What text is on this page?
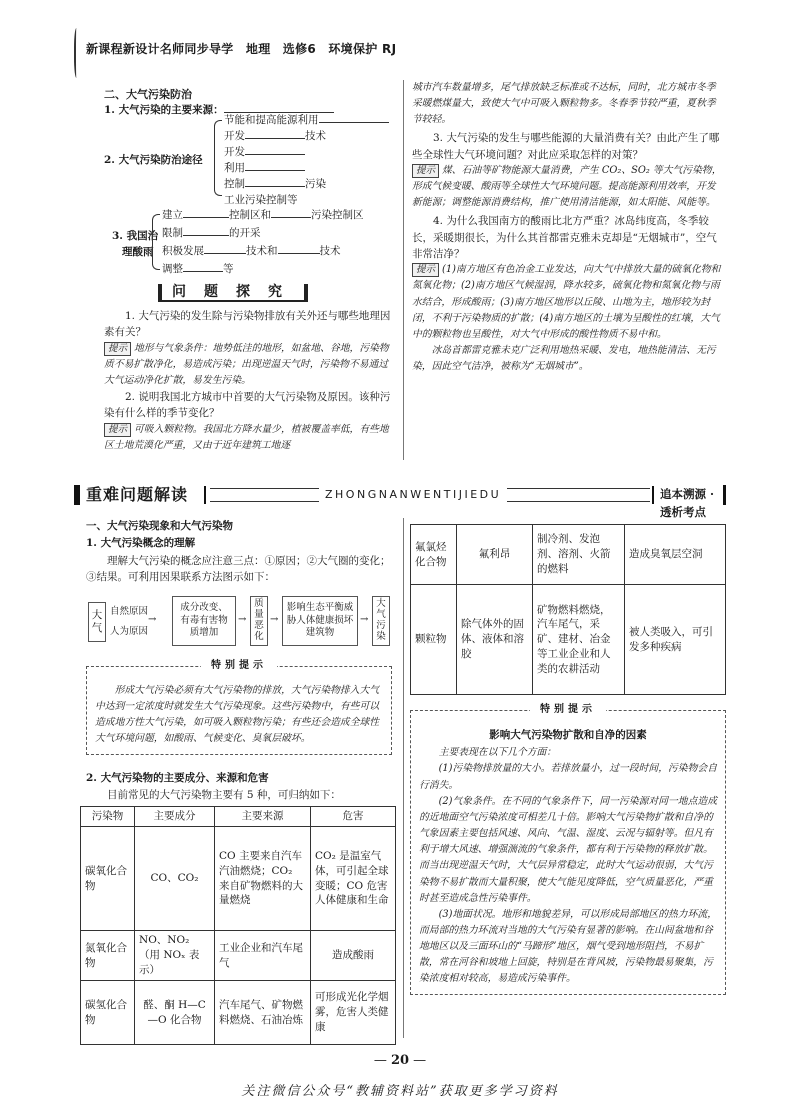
新课程新设计名师同步导学　地理　选修6　环境保护 RJ
二、大气污染防治
1. 大气污染的主要来源：
2. 大气污染防治途径
节能和提高能源利用
开发	技术
开发
利用
控制	污染
工业污染控制等
3. 我国治
理酸雨
建立	控制区和	污染控制区
限制	的开采
积极发展	技术和	技术
调整	等
问　题　探　究

1. 大气污染的发生除与污染物排放有关外还与哪些地理因素有关？

提示 地形与气象条件：地势低洼的地形，如盆地、谷地，污染物质不易扩散净化，易造成污染；出现逆温天气时，污染物不易通过大气运动净化扩散，易发生污染。

2. 说明我国北方城市中首要的大气污染物及原因。该种污染有什么样的季节变化？

提示 可吸入颗粒物。我国北方降水量少，植被覆盖率低，有些地区土地荒漠化严重，又由于近年建筑工地逐

城市汽车数量增多，尾气排放缺乏标准或不达标，同时，北方城市冬季采暖燃煤量大，致使大气中可吸入颗粒物多。冬春季节较严重，夏秋季节较轻。

3. 大气污染的发生与哪些能源的大量消费有关？由此产生了哪些全球性大气环境问题？对此应采取怎样的对策？

提示 煤、石油等矿物能源大量消费，产生 CO₂、SO₂ 等大气污染物，形成气候变暖、酸雨等全球性大气环境问题。提高能源利用效率，开发新能源；调整能源消费结构，推广使用清洁能源，如太阳能、风能等。

4. 为什么我国南方的酸雨比北方严重？冰岛纬度高，冬季较长，采暖期很长，为什么其首都雷克雅未克却是“无烟城市”，空气非常洁净？

提示 (1)南方地区有色冶金工业发达，向大气中排放大量的硫氧化物和氮氧化物；(2)南方地区气候湿润，降水较多，硫氧化物和氮氧化物与雨水结合，形成酸雨；(3)南方地区地形以丘陵、山地为主，地形较为封闭，不利于污染物质的扩散；(4)南方地区的土壤为呈酸性的红壤，大气中的颗粒物也呈酸性，对大气中形成的酸性物质不易中和。

冰岛首都雷克雅未克广泛利用地热采暖、发电，地热能清洁、无污染，因此空气洁净，被称为“无烟城市”。

重难问题解读	ZHONGNANWENTIJIEDU	追本溯源 · 透析考点
一、大气污染现象和大气污染物
1. 大气污染概念的理解

理解大气污染的概念应注意三点：①原因；②大气圈的变化；③结果。可利用因果联系方法图示如下：

大
气
自然原因
人为原因
→
成分改变、有毒有害物质增加
→
质量恶化
→
影响生态平衡威胁人体健康损坏建筑物
→
大气污染
特别提示

形成大气污染必须有大气污染物的排放，大气污染物排入大气中达到一定浓度时就发生大气污染现象。这些污染物中，有些可以造成地方性大气污染，如可吸入颗粒物污染；有些还会造成全球性大气环境问题，如酸雨、气候变化、臭氧层破坏。

2. 大气污染物的主要成分、来源和危害

目前常见的大气污染物主要有 5 种，可归纳如下：

污染物	主要成分	主要来源	危害
碳氧化合物	CO、CO₂	CO 主要来自汽车汽油燃烧；CO₂ 来自矿物燃料的大量燃烧	CO₂ 是温室气体，可引起全球变暖；CO 危害人体健康和生命
氮氧化合物	NO、NO₂（用 NOₓ 表示）	工业企业和汽车尾气	造成酸雨
碳氢化合物	醛、酮 H—C—O 化合物	汽车尾气、矿物燃料燃烧、石油冶炼	可形成光化学烟雾，危害人类健康
氟氯烃化合物	氟利昂	制冷剂、发泡剂、溶剂、火箭的燃料	造成臭氧层空洞
颗粒物	除气体外的固体、液体和溶胶	矿物燃料燃烧，汽车尾气，采矿、建材、冶金等工业企业和人类的农耕活动	被人类吸入，可引发多种疾病
特别提示

影响大气污染物扩散和自净的因素

主要表现在以下几个方面：

(1)污染物排放量的大小。若排放量小，过一段时间，污染物会自行消失。

(2)气象条件。在不同的气象条件下，同一污染源对同一地点造成的近地面空气污染浓度可相差几十倍。影响大气污染物扩散和自净的气象因素主要包括风速、风向、气温、湿度、云况与辐射等。但凡有利于增大风速、增强湍流的气象条件，都有利于污染物的释放扩散。而当出现逆温天气时，大气层异常稳定，此时大气运动很弱，大气污染物不易扩散而大量积聚，使大气能见度降低，空气质量恶化，严重时甚至造成急性污染事件。

(3)地面状况。地形和地貌差异，可以形成局部地区的热力环流，而局部的热力环流对当地的大气污染有显著的影响。在山间盆地和谷地地区以及三面环山的“马蹄形”地区，烟气受到地形阻挡，不易扩散，常在河谷和坡地上回旋，特别是在背风坡，污染物最易聚集，污染浓度相对较高，易造成污染事件。

— 20 —
关注微信公众号“教辅资料站”获取更多学习资料
